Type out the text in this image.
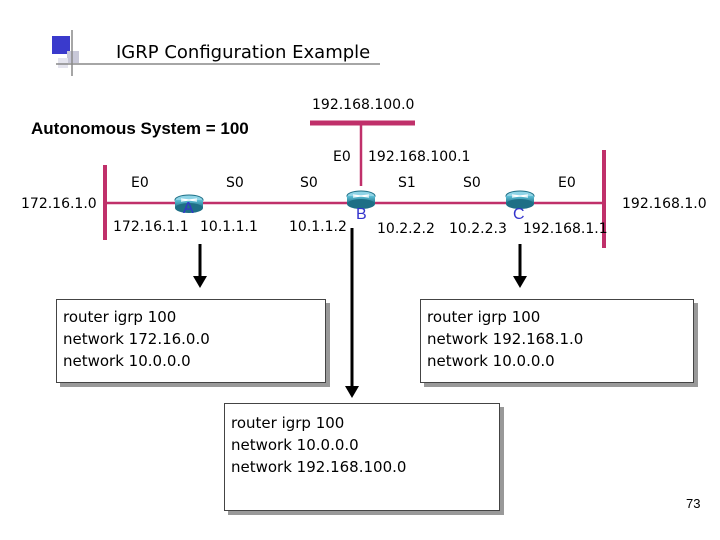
IGRP Configuration Example
Autonomous System = 100
192.168.100.0
172.16.1.0	192.168.1.0
E0	S0
A
172.16.1.1 10.1.1.1
E0 192.168.100.1
S0	S1
B
10.1.1.2 10.2.2.2
S0	E0
C
10.2.2.3 192.168.1.1
router igrp 100
network 172.16.0.0
network 10.0.0.0
router igrp 100
network 192.168.1.0
network 10.0.0.0
router igrp 100
network 10.0.0.0
network 192.168.100.0
73
